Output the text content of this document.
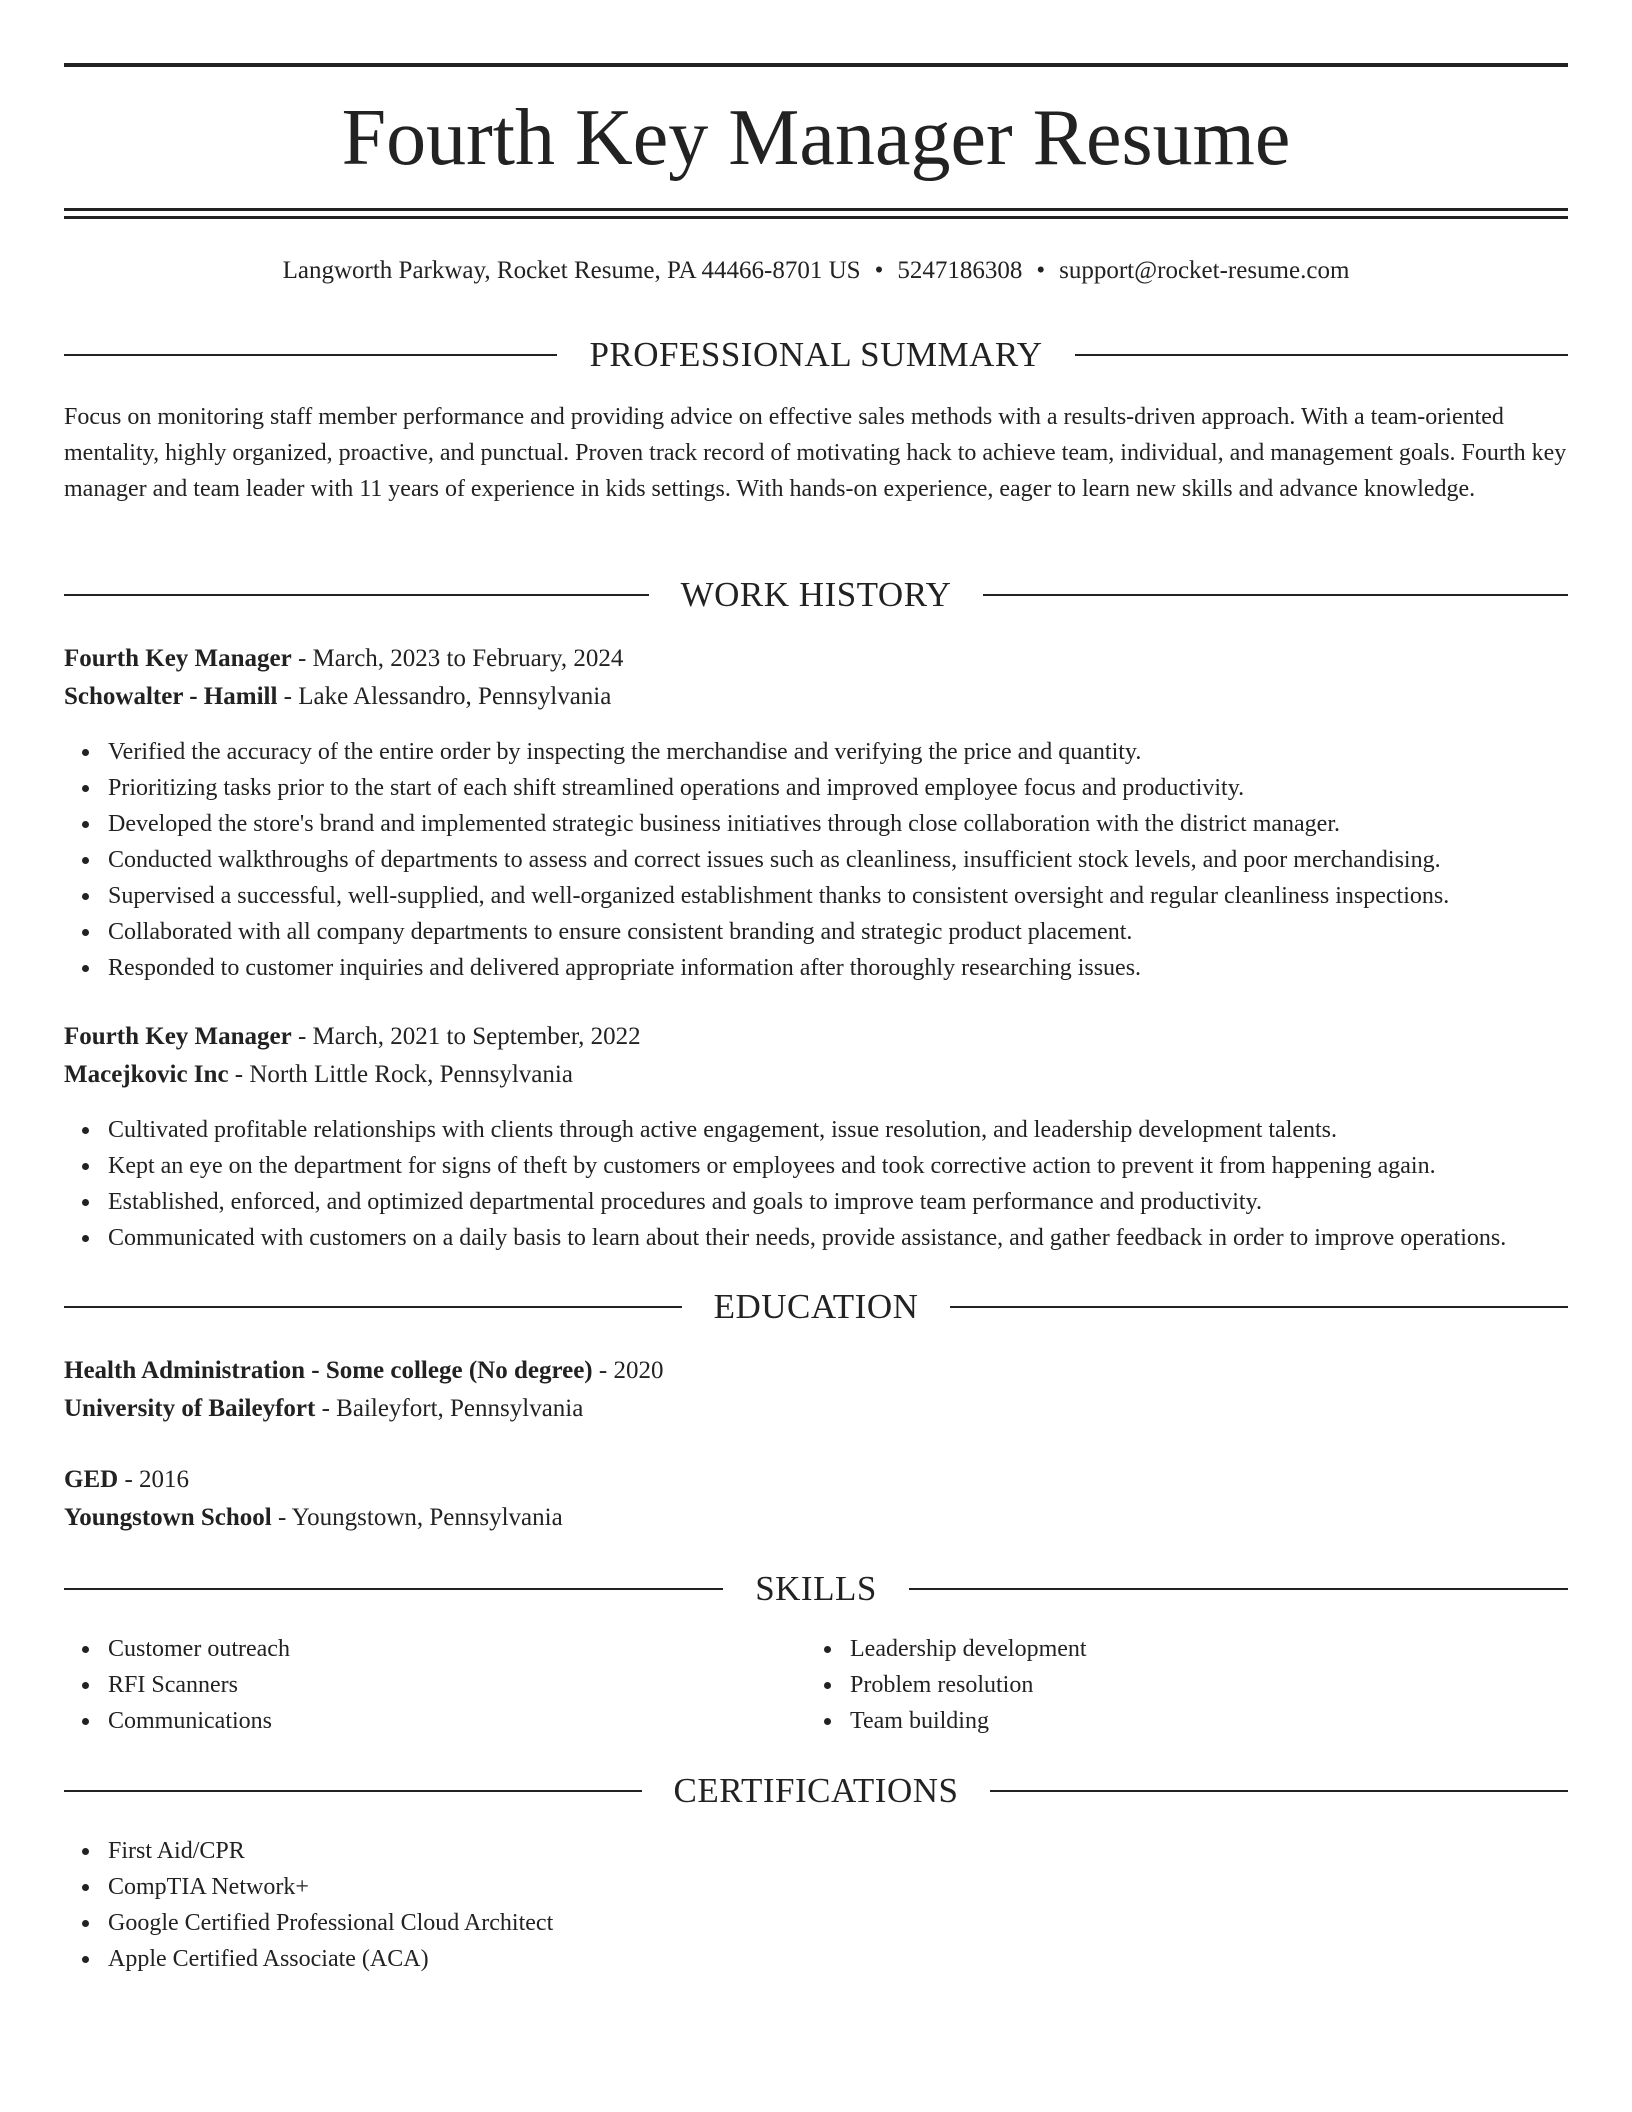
Fourth Key Manager Resume
Langworth Parkway, Rocket Resume, PA 44466-8701 US • 5247186308 • support@rocket-resume.com
PROFESSIONAL SUMMARY
Focus on monitoring staff member performance and providing advice on effective sales methods with a results-driven approach. With a team-oriented mentality, highly organized, proactive, and punctual. Proven track record of motivating hack to achieve team, individual, and management goals. Fourth key manager and team leader with 11 years of experience in kids settings. With hands-on experience, eager to learn new skills and advance knowledge.
WORK HISTORY
Fourth Key Manager - March, 2023 to February, 2024
Schowalter - Hamill - Lake Alessandro, Pennsylvania
Verified the accuracy of the entire order by inspecting the merchandise and verifying the price and quantity.
Prioritizing tasks prior to the start of each shift streamlined operations and improved employee focus and productivity.
Developed the store's brand and implemented strategic business initiatives through close collaboration with the district manager.
Conducted walkthroughs of departments to assess and correct issues such as cleanliness, insufficient stock levels, and poor merchandising.
Supervised a successful, well-supplied, and well-organized establishment thanks to consistent oversight and regular cleanliness inspections.
Collaborated with all company departments to ensure consistent branding and strategic product placement.
Responded to customer inquiries and delivered appropriate information after thoroughly researching issues.
Fourth Key Manager - March, 2021 to September, 2022
Macejkovic Inc - North Little Rock, Pennsylvania
Cultivated profitable relationships with clients through active engagement, issue resolution, and leadership development talents.
Kept an eye on the department for signs of theft by customers or employees and took corrective action to prevent it from happening again.
Established, enforced, and optimized departmental procedures and goals to improve team performance and productivity.
Communicated with customers on a daily basis to learn about their needs, provide assistance, and gather feedback in order to improve operations.
EDUCATION
Health Administration - Some college (No degree) - 2020
University of Baileyfort - Baileyfort, Pennsylvania
GED - 2016
Youngstown School - Youngstown, Pennsylvania
SKILLS
Customer outreach
RFI Scanners
Communications
Leadership development
Problem resolution
Team building
CERTIFICATIONS
First Aid/CPR
CompTIA Network+
Google Certified Professional Cloud Architect
Apple Certified Associate (ACA)
